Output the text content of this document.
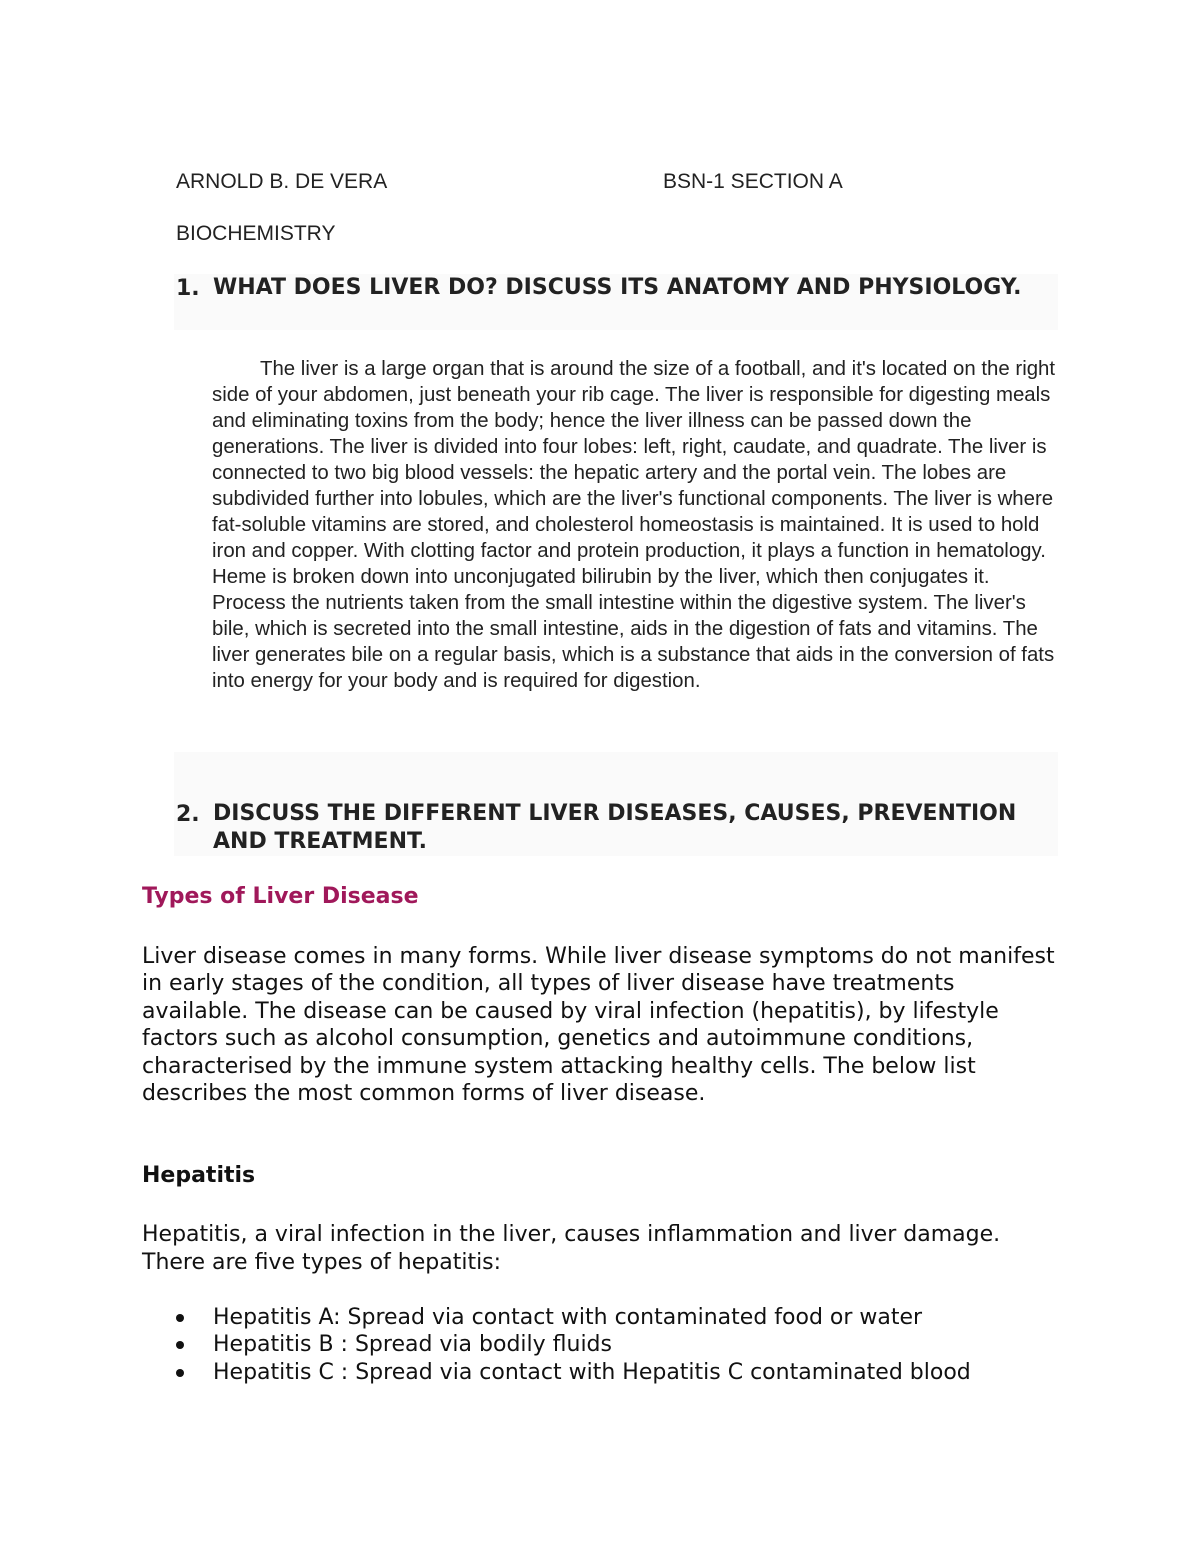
ARNOLD B. DE VERA	BSN-1 SECTION A
BIOCHEMISTRY
1. WHAT DOES LIVER DO? DISCUSS ITS ANATOMY AND PHYSIOLOGY.

The liver is a large organ that is around the size of a football, and it's located on the right side of your abdomen, just beneath your rib cage. The liver is responsible for digesting meals and eliminating toxins from the body; hence the liver illness can be passed down the generations. The liver is divided into four lobes: left, right, caudate, and quadrate. The liver is connected to two big blood vessels: the hepatic artery and the portal vein. The lobes are subdivided further into lobules, which are the liver's functional components. The liver is where fat-soluble vitamins are stored, and cholesterol homeostasis is maintained. It is used to hold iron and copper. With clotting factor and protein production, it plays a function in hematology. Heme is broken down into unconjugated bilirubin by the liver, which then conjugates it. Process the nutrients taken from the small intestine within the digestive system. The liver's bile, which is secreted into the small intestine, aids in the digestion of fats and vitamins. The liver generates bile on a regular basis, which is a substance that aids in the conversion of fats into energy for your body and is required for digestion.

2. DISCUSS THE DIFFERENT LIVER DISEASES, CAUSES, PREVENTION AND TREATMENT.

Types of Liver Disease

Liver disease comes in many forms. While liver disease symptoms do not manifest in early stages of the condition, all types of liver disease have treatments available. The disease can be caused by viral infection (hepatitis), by lifestyle factors such as alcohol consumption, genetics and autoimmune conditions, characterised by the immune system attacking healthy cells. The below list describes the most common forms of liver disease.

Hepatitis

Hepatitis, a viral infection in the liver, causes inflammation and liver damage. There are five types of hepatitis:

Hepatitis A: Spread via contact with contaminated food or water
Hepatitis B : Spread via bodily fluids
Hepatitis C : Spread via contact with Hepatitis C contaminated blood
